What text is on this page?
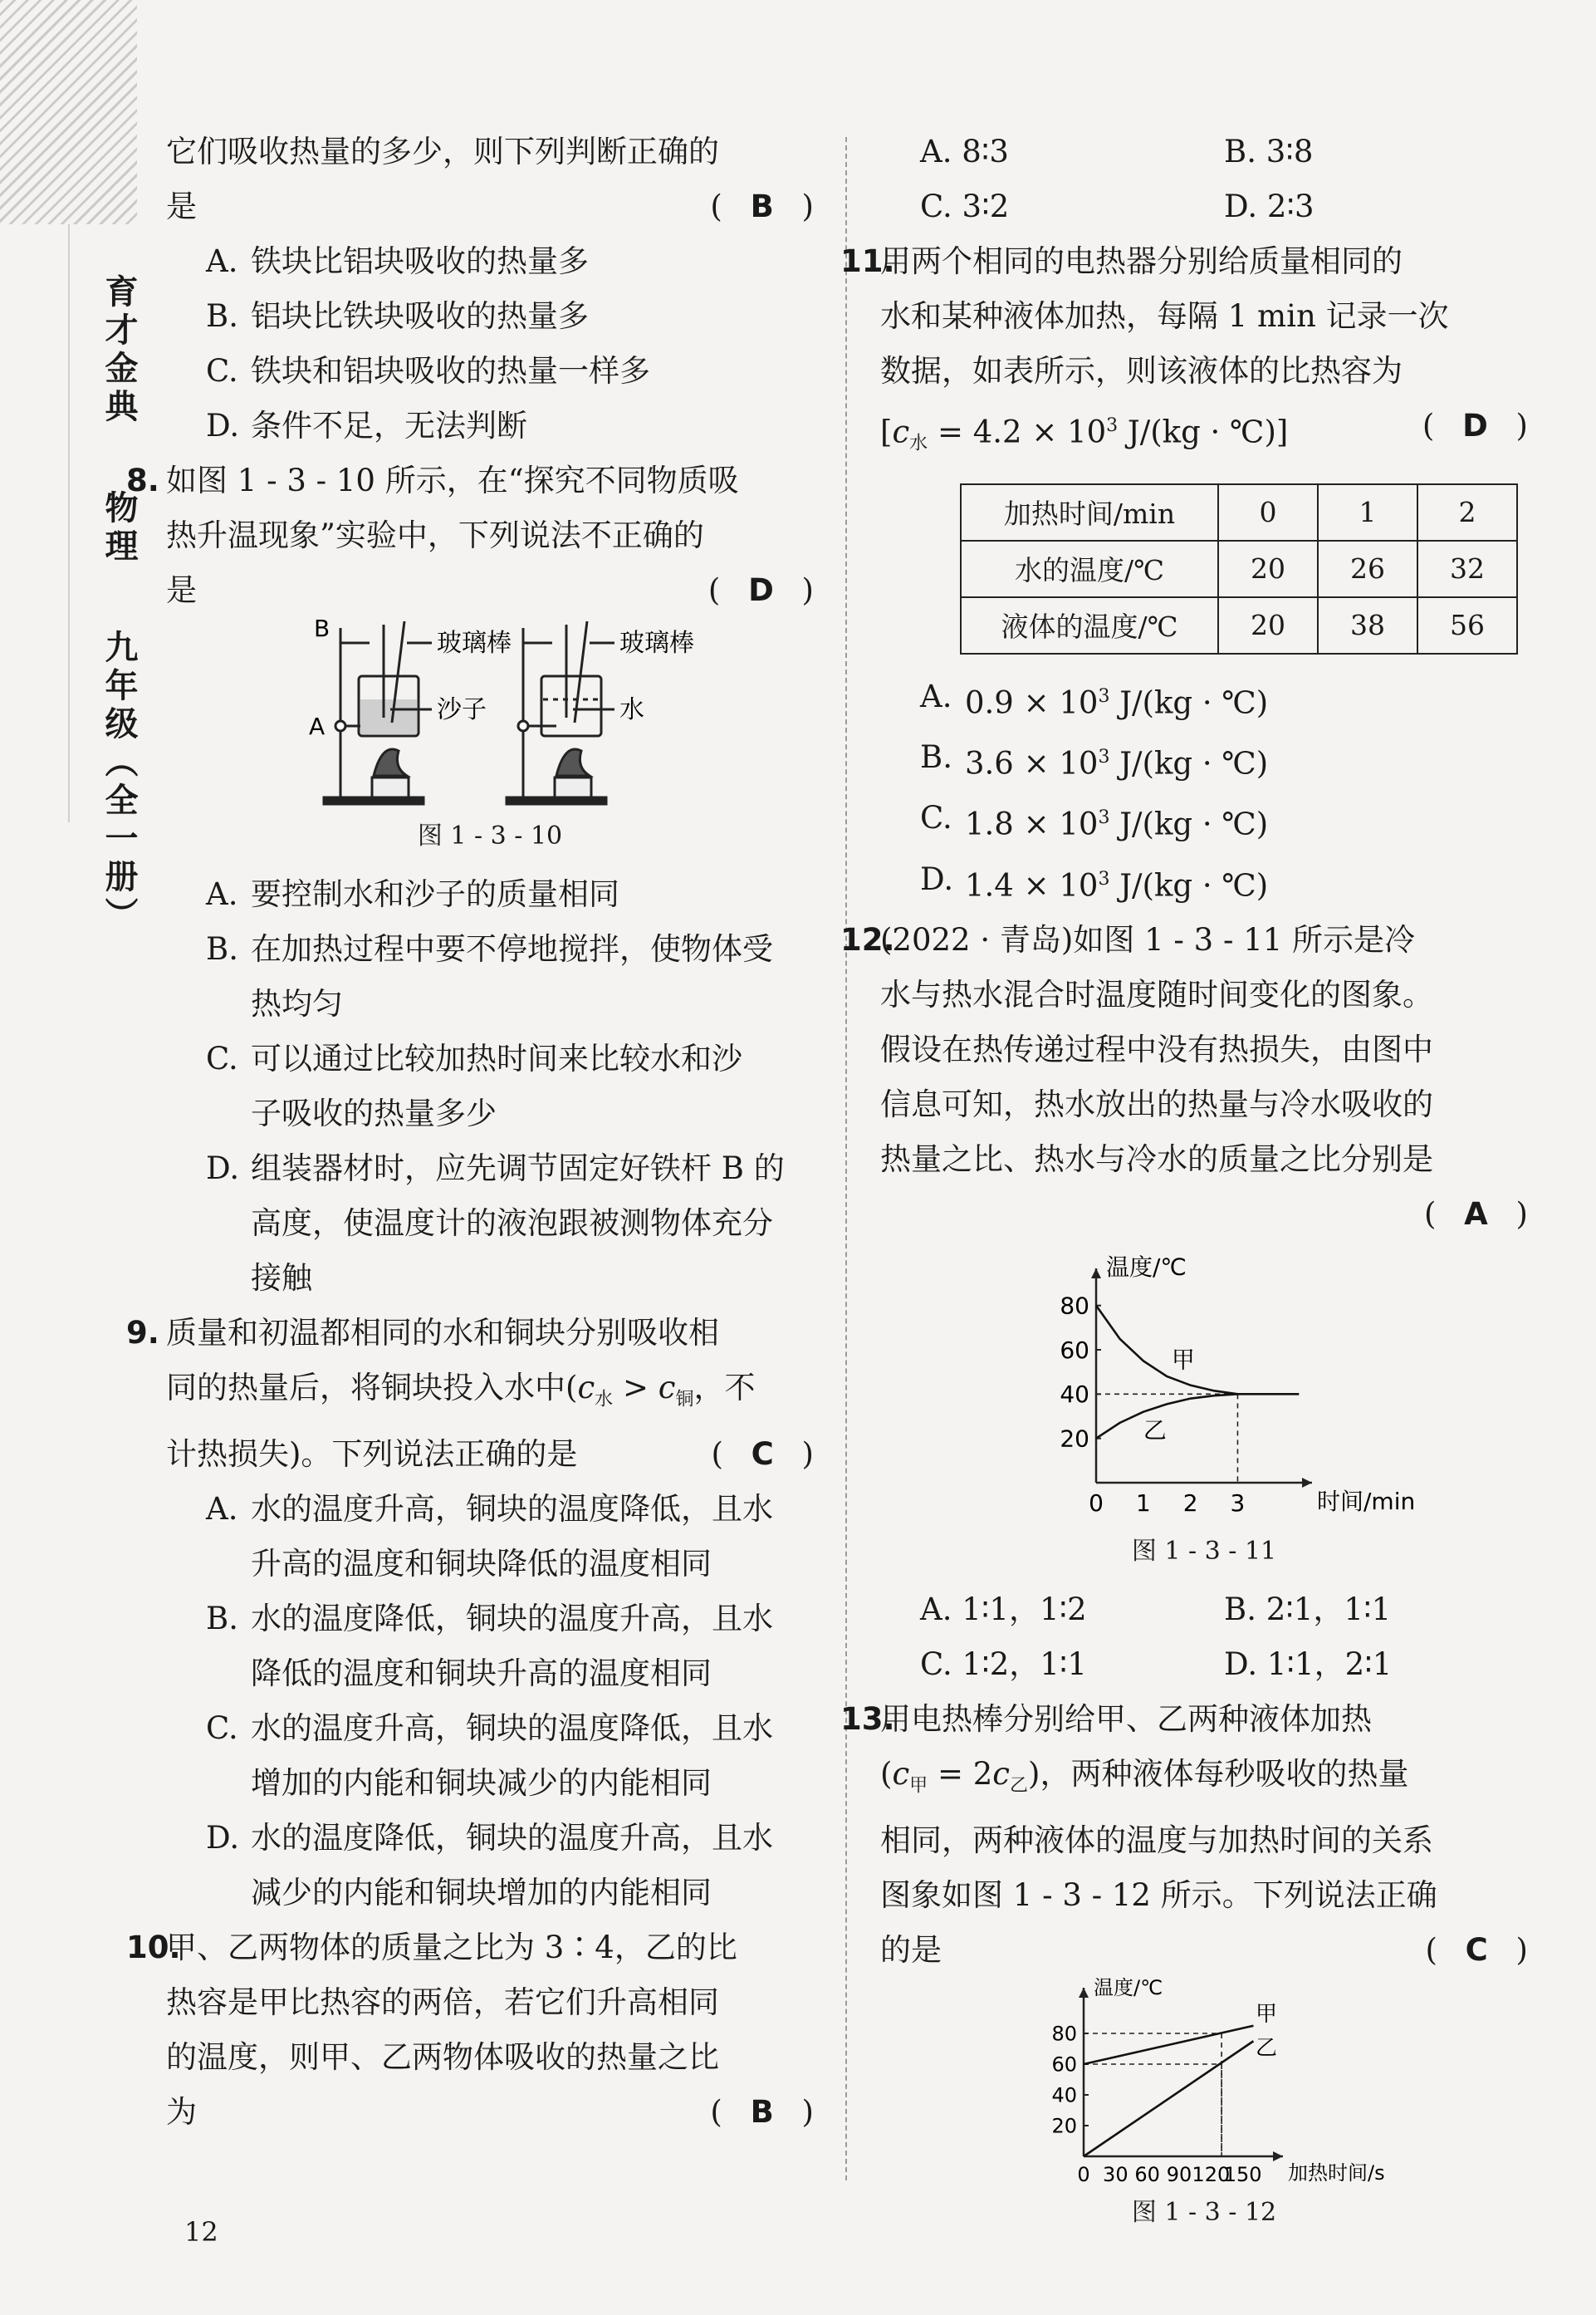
育才金典  物理  九年级（全一册）

它们吸收热量的多少，则下列判断正确的

是	( B )
A. 铁块比铝块吸收的热量多
B. 铝块比铁块吸收的热量多
C. 铁块和铝块吸收的热量一样多
D. 条件不足，无法判断
8. 如图 1 - 3 - 10 所示，在“探究不同物质吸

热升温现象”实验中，下列说法不正确的

是	( D )
B
A
玻璃棒
沙子
玻璃棒
水
图 1 - 3 - 10
A. 要控制水和沙子的质量相同
B. 在加热过程中要不停地搅拌，使物体受
热均匀
C. 可以通过比较加热时间来比较水和沙
子吸收的热量多少
D. 组装器材时，应先调节固定好铁杆 B 的
高度，使温度计的液泡跟被测物体充分
接触
9. 质量和初温都相同的水和铜块分别吸收相

同的热量后，将铜块投入水中($c_水 > c_铜$，不

计热损失)。下列说法正确的是	( C )
A. 水的温度升高，铜块的温度降低，且水
升高的温度和铜块降低的温度相同
B. 水的温度降低，铜块的温度升高，且水
降低的温度和铜块升高的温度相同
C. 水的温度升高，铜块的温度降低，且水
增加的内能和铜块减少的内能相同
D. 水的温度降低，铜块的温度升高，且水
减少的内能和铜块增加的内能相同
10.
甲、乙两物体的质量之比为 3∶4，乙的比

热容是甲比热容的两倍，若它们升高相同

的温度，则甲、乙两物体吸收的热量之比

为	( B )
A. 8∶3	B. 3∶8
C. 3∶2	D. 2∶3
11.
用两个相同的电热器分别给质量相同的

水和某种液体加热，每隔 1 min 记录一次

数据，如表所示，则该液体的比热容为

[$c_水 = 4.2 \times 10^3$ J/(kg · ℃)]	( D )
加热时间/min	0	1	2
水的温度/℃	20	26	32
液体的温度/℃	20	38	56
A. $0.9 \times 10^3$ J/(kg · ℃)
B. $3.6 \times 10^3$ J/(kg · ℃)
C. $1.8 \times 10^3$ J/(kg · ℃)
D. $1.4 \times 10^3$ J/(kg · ℃)
12.
(2022 · 青岛)如图 1 - 3 - 11 所示是冷

水与热水混合时温度随时间变化的图象。

假设在热传递过程中没有热损失，由图中

信息可知，热水放出的热量与冷水吸收的

热量之比、热水与冷水的质量之比分别是

( A )
温度/℃
时间/min
20
40
60
80
0 1 2 3
甲
乙
图 1 - 3 - 11
A. 1∶1，1∶2	B. 2∶1，1∶1
C. 1∶2，1∶1	D. 1∶1，2∶1
13.
用电热棒分别给甲、乙两种液体加热

$(c_甲 = 2c_乙)$，两种液体每秒吸收的热量

相同，两种液体的温度与加热时间的关系

图象如图 1 - 3 - 12 所示。下列说法正确

的是	( C )
温度/℃
加热时间/s
20
40
60
80
0 30 60 90 120
150
甲
乙
图 1 - 3 - 12
12
